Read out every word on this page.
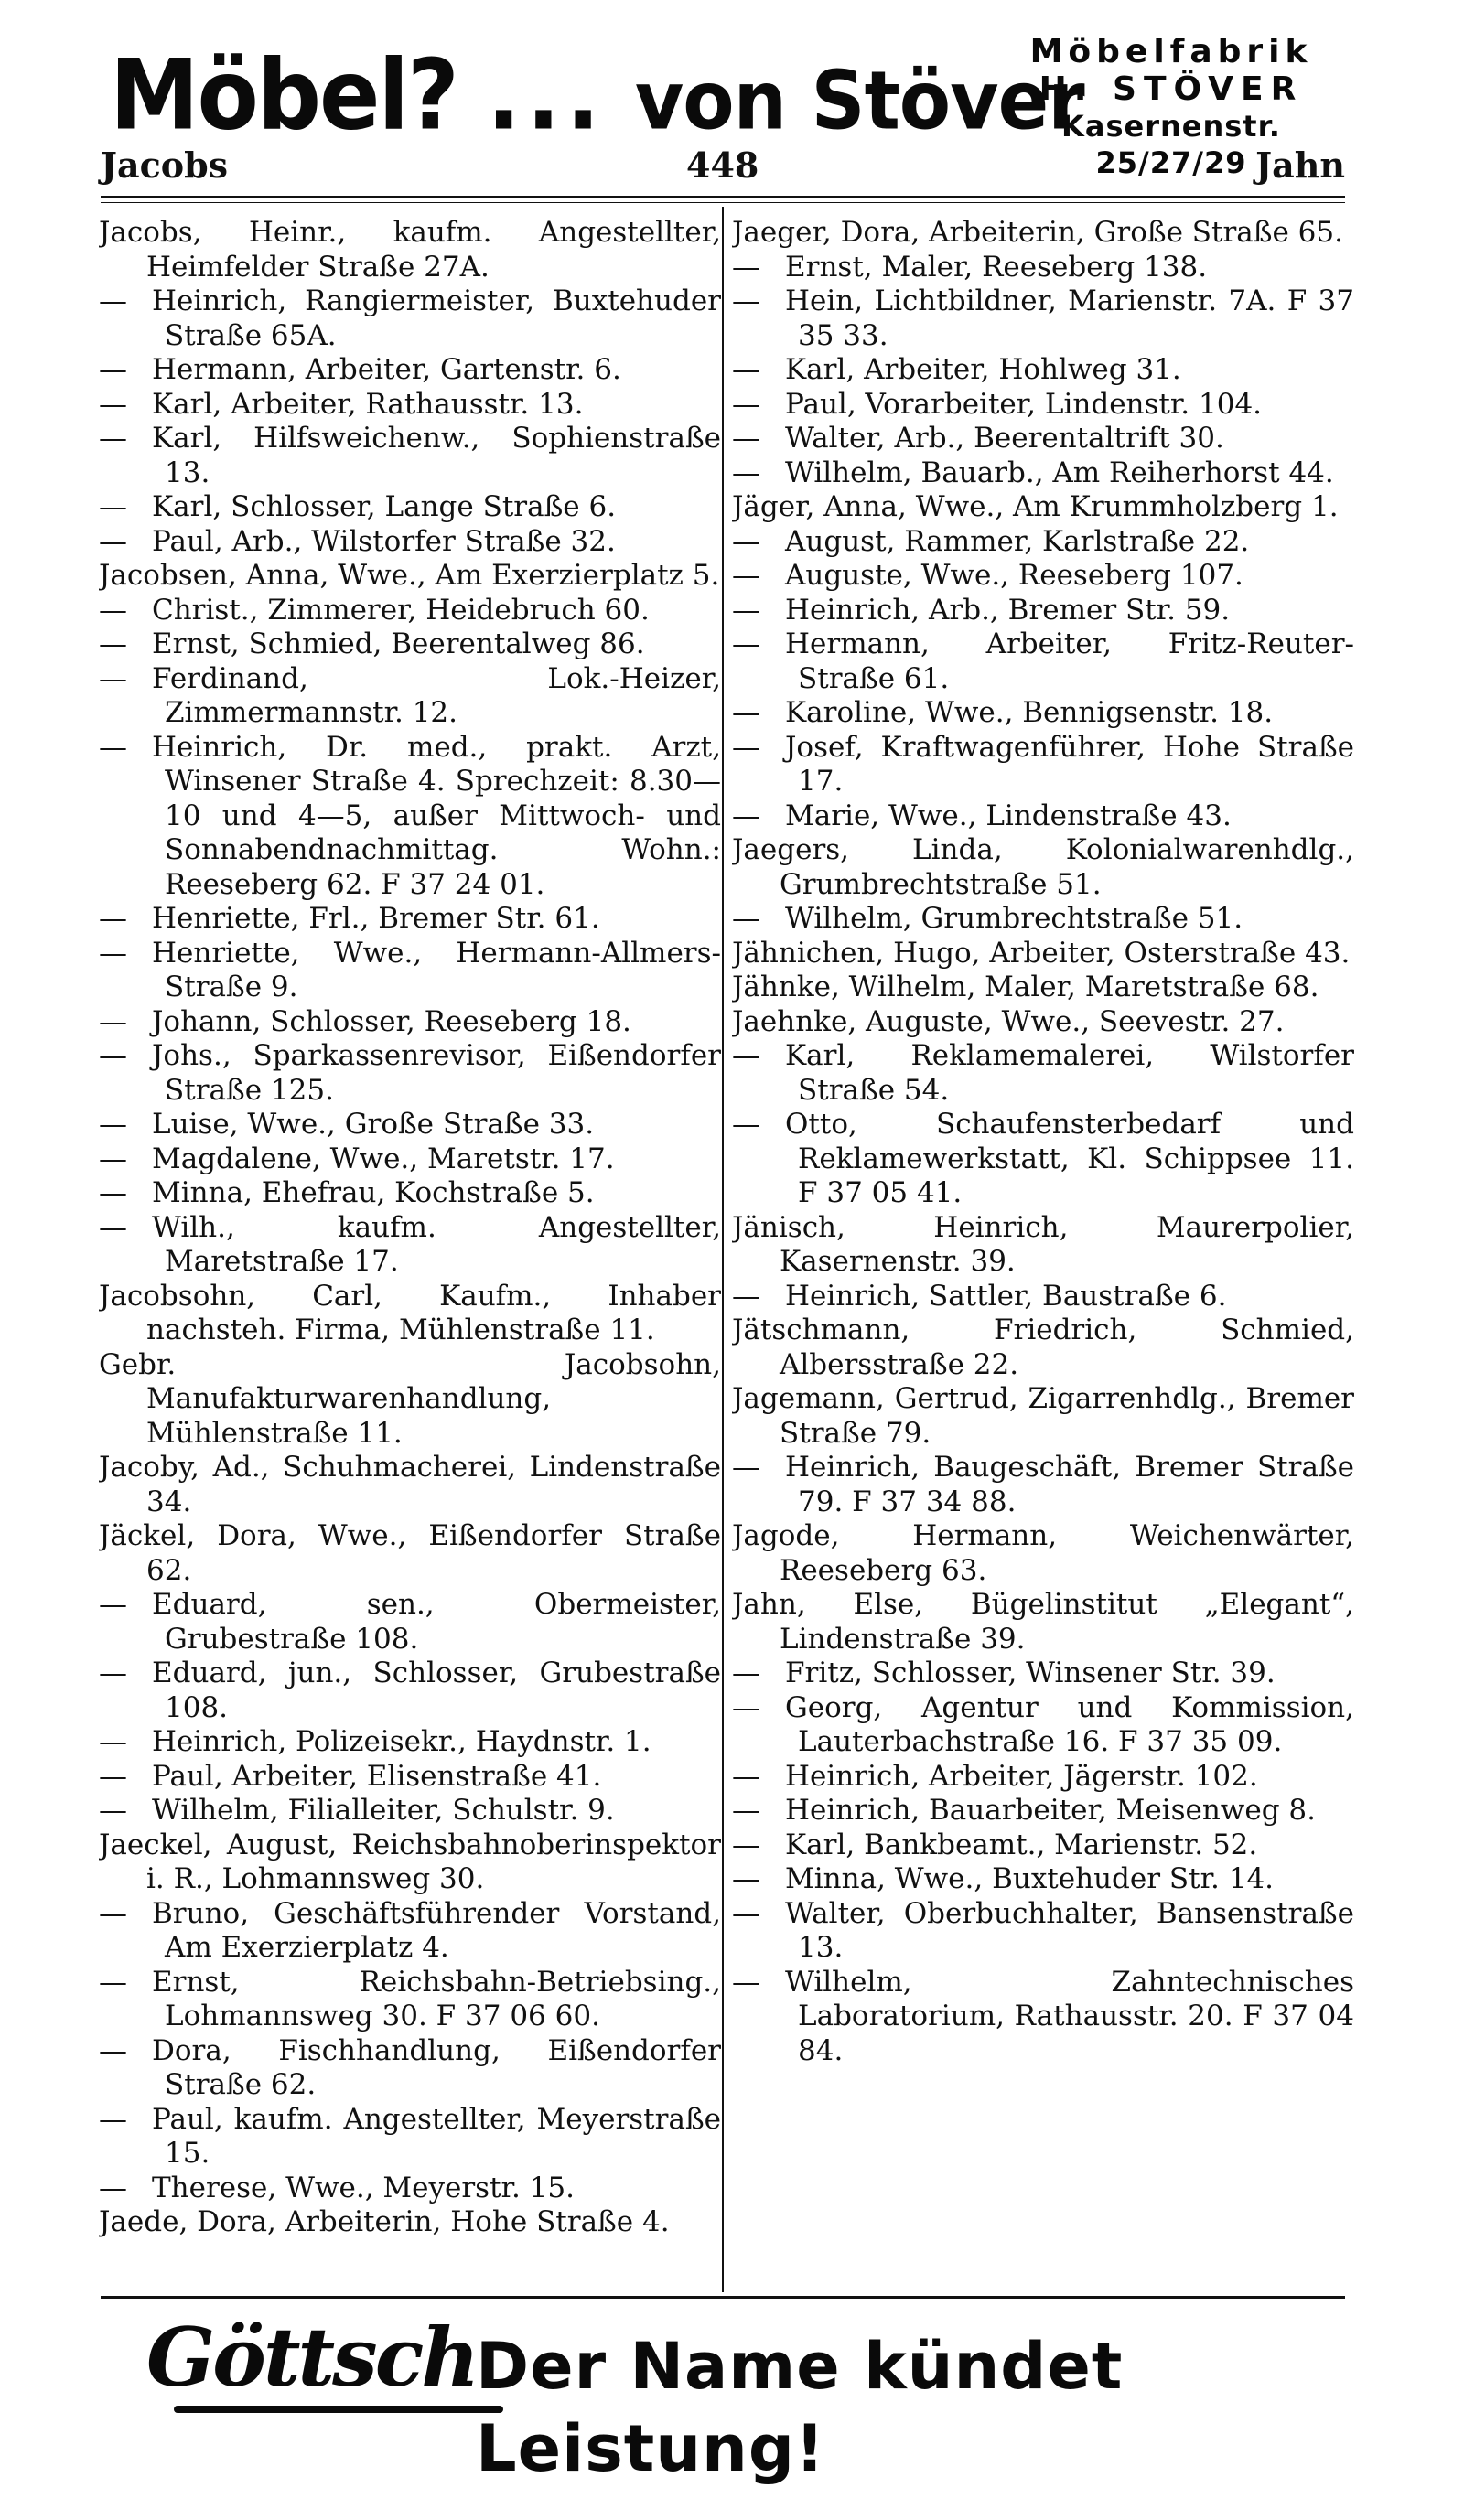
Möbel? ... von Stöver
Möbelfabrik
H. STÖVER
Kasernenstr. 25/27/29
Jacobs	448	Jahn

Jacobs, Heinr., kaufm. Angestellter, Heimfelder Straße 27A.

— Heinrich, Rangiermeister, Buxtehuder Straße 65A.

— Hermann, Arbeiter, Gartenstr. 6.

— Karl, Arbeiter, Rathausstr. 13.

— Karl, Hilfsweichenw., Sophienstraße 13.

— Karl, Schlosser, Lange Straße 6.

— Paul, Arb., Wilstorfer Straße 32.

Jacobsen, Anna, Wwe., Am Exerzierplatz 5.

— Christ., Zimmerer, Heidebruch 60.

— Ernst, Schmied, Beerentalweg 86.

— Ferdinand, Lok.-Heizer, Zimmermannstr. 12.

— Heinrich, Dr. med., prakt. Arzt, Winsener Straße 4. Sprechzeit: 8.30—10 und 4—5, außer Mittwoch- und Sonnabendnachmittag. Wohn.: Reeseberg 62. F 37 24 01.

— Henriette, Frl., Bremer Str. 61.

— Henriette, Wwe., Hermann-Allmers-Straße 9.

— Johann, Schlosser, Reeseberg 18.

— Johs., Sparkassenrevisor, Eißendorfer Straße 125.

— Luise, Wwe., Große Straße 33.

— Magdalene, Wwe., Maretstr. 17.

— Minna, Ehefrau, Kochstraße 5.

— Wilh., kaufm. Angestellter, Maretstraße 17.

Jacobsohn, Carl, Kaufm., Inhaber nachsteh. Firma, Mühlenstraße 11.

Gebr. Jacobsohn, Manufakturwarenhandlung, Mühlenstraße 11.

Jacoby, Ad., Schuhmacherei, Lindenstraße 34.

Jäckel, Dora, Wwe., Eißendorfer Straße 62.

— Eduard, sen., Obermeister, Grubestraße 108.

— Eduard, jun., Schlosser, Grubestraße 108.

— Heinrich, Polizeisekr., Haydnstr. 1.

— Paul, Arbeiter, Elisenstraße 41.

— Wilhelm, Filialleiter, Schulstr. 9.

Jaeckel, August, Reichsbahnoberinspektor i. R., Lohmannsweg 30.

— Bruno, Geschäftsführender Vorstand, Am Exerzierplatz 4.

— Ernst, Reichsbahn-Betriebsing., Lohmannsweg 30. F 37 06 60.

— Dora, Fischhandlung, Eißendorfer Straße 62.

— Paul, kaufm. Angestellter, Meyerstraße 15.

— Therese, Wwe., Meyerstr. 15.

Jaede, Dora, Arbeiterin, Hohe Straße 4.

Jaeger, Dora, Arbeiterin, Große Straße 65.

— Ernst, Maler, Reeseberg 138.

— Hein, Lichtbildner, Marienstr. 7A. F 37 35 33.

— Karl, Arbeiter, Hohlweg 31.

— Paul, Vorarbeiter, Lindenstr. 104.

— Walter, Arb., Beerentaltrift 30.

— Wilhelm, Bauarb., Am Reiherhorst 44.

Jäger, Anna, Wwe., Am Krummholzberg 1.

— August, Rammer, Karlstraße 22.

— Auguste, Wwe., Reeseberg 107.

— Heinrich, Arb., Bremer Str. 59.

— Hermann, Arbeiter, Fritz-Reuter-Straße 61.

— Karoline, Wwe., Bennigsenstr. 18.

— Josef, Kraftwagenführer, Hohe Straße 17.

— Marie, Wwe., Lindenstraße 43.

Jaegers, Linda, Kolonialwarenhdlg., Grumbrechtstraße 51.

— Wilhelm, Grumbrechtstraße 51.

Jähnichen, Hugo, Arbeiter, Osterstraße 43.

Jähnke, Wilhelm, Maler, Maretstraße 68.

Jaehnke, Auguste, Wwe., Seevestr. 27.

— Karl, Reklamemalerei, Wilstorfer Straße 54.

— Otto, Schaufensterbedarf und Reklamewerkstatt, Kl. Schippsee 11. F 37 05 41.

Jänisch, Heinrich, Maurerpolier, Kasernenstr. 39.

— Heinrich, Sattler, Baustraße 6.

Jätschmann, Friedrich, Schmied, Albersstraße 22.

Jagemann, Gertrud, Zigarrenhdlg., Bremer Straße 79.

— Heinrich, Baugeschäft, Bremer Straße 79. F 37 34 88.

Jagode, Hermann, Weichenwärter, Reeseberg 63.

Jahn, Else, Bügelinstitut „Elegant“, Lindenstraße 39.

— Fritz, Schlosser, Winsener Str. 39.

— Georg, Agentur und Kommission, Lauterbachstraße 16. F 37 35 09.

— Heinrich, Arbeiter, Jägerstr. 102.

— Heinrich, Bauarbeiter, Meisenweg 8.

— Karl, Bankbeamt., Marienstr. 52.

— Minna, Wwe., Buxtehuder Str. 14.

— Walter, Oberbuchhalter, Bansenstraße 13.

— Wilhelm, Zahntechnisches Laboratorium, Rathausstr. 20. F 37 04 84.

Göttsch
Der Name kündet Leistung!
